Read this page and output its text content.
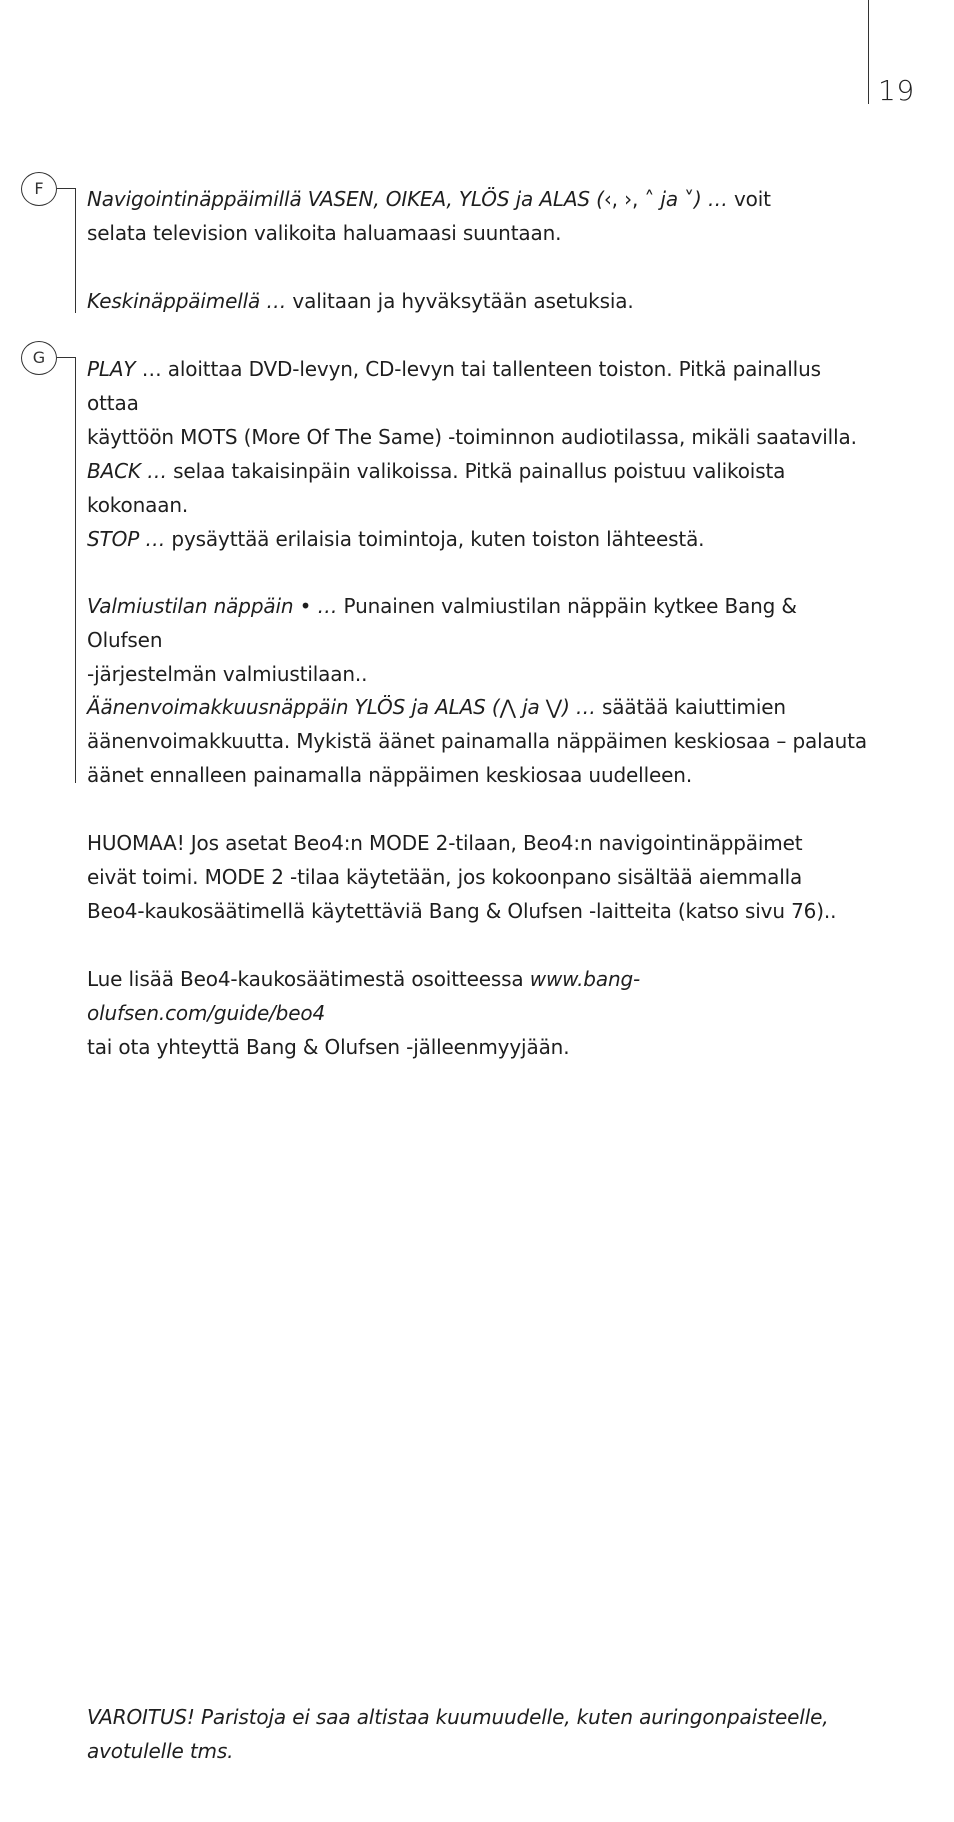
19
F	Navigointinäppäimillä VASEN, OIKEA, YLÖS ja ALAS (‹, ›, ˄ ja ˅) … voit
selata television valikoita haluamaasi suuntaan.

Keskinäppäimellä … valitaan ja hyväksytään asetuksia.

G	PLAY … aloittaa DVD-levyn, CD-levyn tai tallenteen toiston. Pitkä painallus ottaa
käyttöön MOTS (More Of The Same) -toiminnon audiotilassa, mikäli saatavilla.

BACK … selaa takaisinpäin valikoissa. Pitkä painallus poistuu valikoista kokonaan.

STOP … pysäyttää erilaisia toimintoja, kuten toiston lähteestä.

Valmiustilan näppäin • … Punainen valmiustilan näppäin kytkee Bang & Olufsen
-järjestelmän valmiustilaan..

Äänenvoimakkuusnäppäin YLÖS ja ALAS (⋀ ja ⋁) … säätää kaiuttimien
äänenvoimakkuutta. Mykistä äänet painamalla näppäimen keskiosaa – palauta
äänet ennalleen painamalla näppäimen keskiosaa uudelleen.

HUOMAA! Jos asetat Beo4:n MODE 2-tilaan, Beo4:n navigointinäppäimet
eivät toimi. MODE 2 -tilaa käytetään, jos kokoonpano sisältää aiemmalla
Beo4-kaukosäätimellä käytettäviä Bang & Olufsen -laitteita (katso sivu 76)..

Lue lisää Beo4-kaukosäätimestä osoitteessa www.bang-olufsen.com/guide/beo4
tai ota yhteyttä Bang & Olufsen -jälleenmyyjään.

VAROITUS! Paristoja ei saa altistaa kuumuudelle, kuten auringonpaisteelle,
avotulelle tms.
